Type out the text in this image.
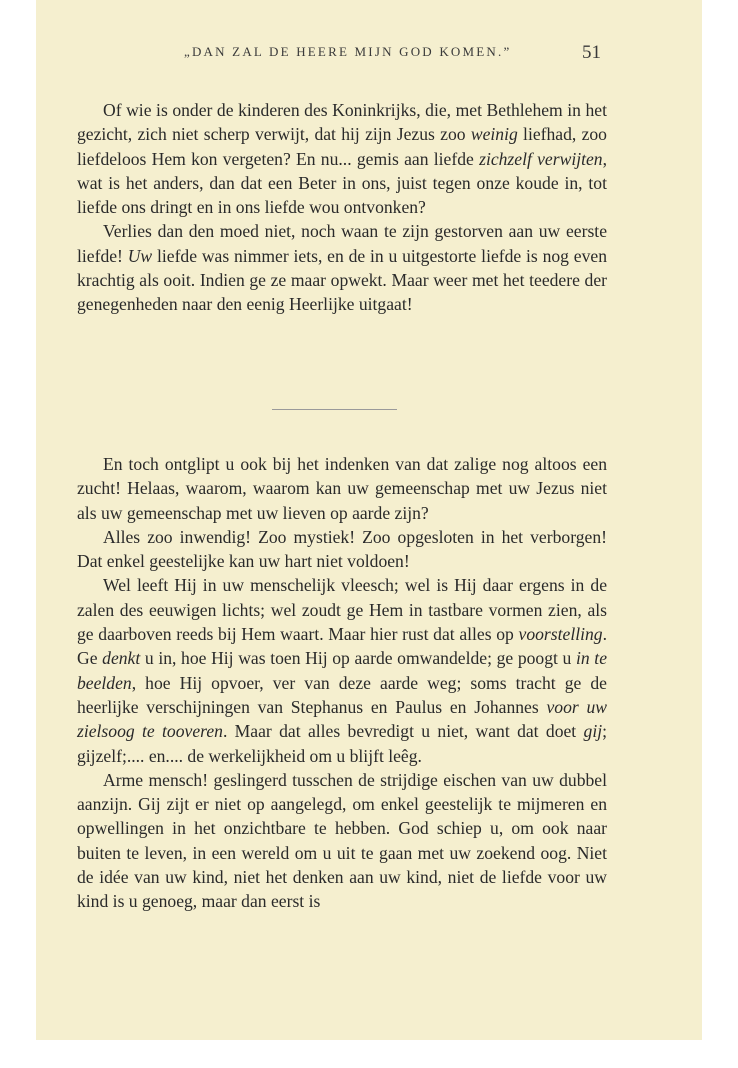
„DAN ZAL DE HEERE MIJN GOD KOMEN.”	51

Of wie is onder de kinderen des Koninkrijks, die, met Bethlehem in het gezicht, zich niet scherp verwijt, dat hij zijn Jezus zoo weinig liefhad, zoo liefdeloos Hem kon vergeten? En nu... gemis aan liefde zichzelf verwijten, wat is het anders, dan dat een Beter in ons, juist tegen onze koude in, tot liefde ons dringt en in ons liefde wou ontvonken?

Verlies dan den moed niet, noch waan te zijn gestorven aan uw eerste liefde! Uw liefde was nimmer iets, en de in u uitgestorte liefde is nog even krachtig als ooit. Indien ge ze maar opwekt. Maar weer met het teedere der genegenheden naar den eenig Heerlijke uitgaat!

En toch ontglipt u ook bij het indenken van dat zalige nog altoos een zucht! Helaas, waarom, waarom kan uw gemeenschap met uw Jezus niet als uw gemeenschap met uw lieven op aarde zijn?

Alles zoo inwendig! Zoo mystiek! Zoo opgesloten in het verborgen! Dat enkel geestelijke kan uw hart niet voldoen!

Wel leeft Hij in uw menschelijk vleesch; wel is Hij daar ergens in de zalen des eeuwigen lichts; wel zoudt ge Hem in tastbare vormen zien, als ge daarboven reeds bij Hem waart. Maar hier rust dat alles op voorstelling. Ge denkt u in, hoe Hij was toen Hij op aarde omwandelde; ge poogt u in te beelden, hoe Hij opvoer, ver van deze aarde weg; soms tracht ge de heerlijke verschijningen van Stephanus en Paulus en Johannes voor uw zielsoog te tooveren. Maar dat alles bevredigt u niet, want dat doet gij; gijzelf;.... en.... de werkelijkheid om u blijft leêg.

Arme mensch! geslingerd tusschen de strijdige eischen van uw dubbel aanzijn. Gij zijt er niet op aangelegd, om enkel geestelijk te mijmeren en opwellingen in het onzichtbare te hebben. God schiep u, om ook naar buiten te leven, in een wereld om u uit te gaan met uw zoekend oog. Niet de idée van uw kind, niet het denken aan uw kind, niet de liefde voor uw kind is u genoeg, maar dan eerst is
